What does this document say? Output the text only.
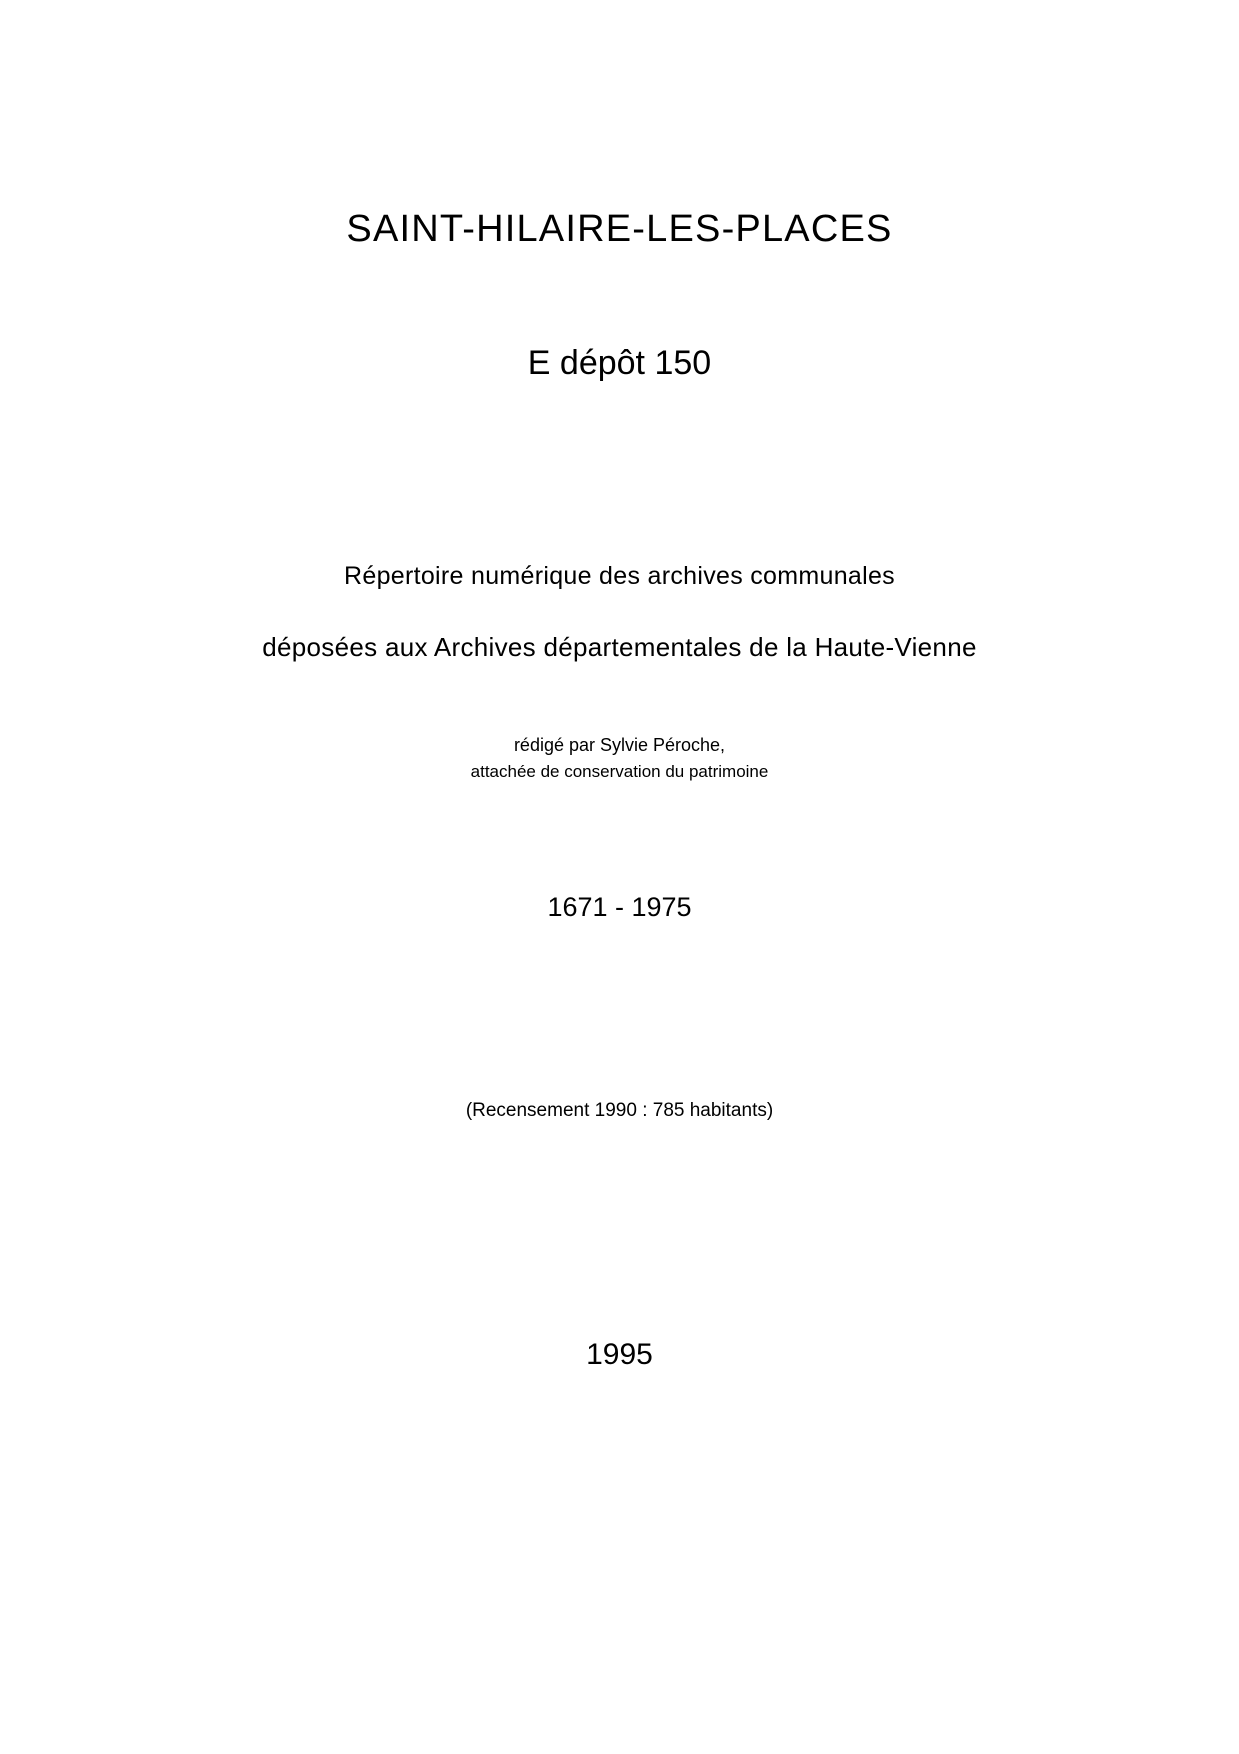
SAINT-HILAIRE-LES-PLACES
E dépôt 150
Répertoire numérique des archives communales
déposées aux Archives départementales de la Haute-Vienne
rédigé par Sylvie Péroche,
attachée de conservation du patrimoine
1671 - 1975
(Recensement 1990 : 785 habitants)
1995
